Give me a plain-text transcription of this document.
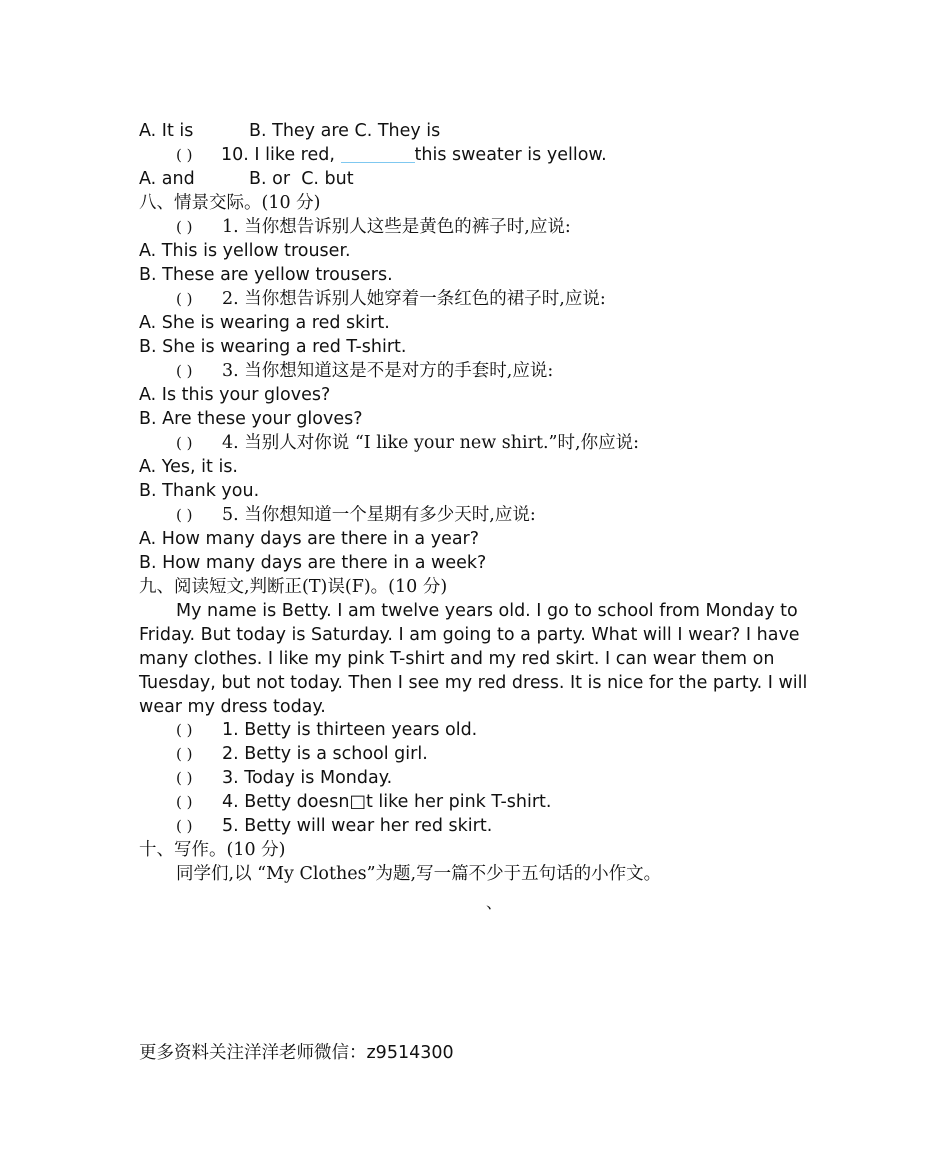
A. It is	B. They are C. They is
( ) 10. I like red,	this sweater is yellow.
A. and	B. or C. but
八、情景交际。(10 分)
( ) 1. 当你想告诉别人这些是黄色的裤子时,应说:
A. This is yellow trouser.
B. These are yellow trousers.
( ) 2. 当你想告诉别人她穿着一条红色的裙子时,应说:
A. She is wearing a red skirt.
B. She is wearing a red T-shirt.
( ) 3. 当你想知道这是不是对方的手套时,应说:
A. Is this your gloves?
B. Are these your gloves?
( ) 4. 当别人对你说 “I like your new shirt.”时,你应说:
A. Yes, it is.
B. Thank you.
( ) 5. 当你想知道一个星期有多少天时,应说:
A. How many days are there in a year?
B. How many days are there in a week?
九、阅读短文,判断正(T)误(F)。(10 分)
My name is Betty. I am twelve years old. I go to school from Monday to Friday. But today is Saturday. I am going to a party. What will I wear? I have many clothes. I like my pink T-shirt and my red skirt. I can wear them on Tuesday, but not today. Then I see my red dress. It is nice for the party. I will wear my dress today.
( ) 1. Betty is thirteen years old.
( ) 2. Betty is a school girl.
( ) 3. Today is Monday.
( ) 4. Betty doesn□t like her pink T-shirt.
( ) 5. Betty will wear her red skirt.
十、写作。(10 分)
同学们,以 “My Clothes”为题,写一篇不少于五句话的小作文。
、
更多资料关注洋洋老师微信：z9514300
